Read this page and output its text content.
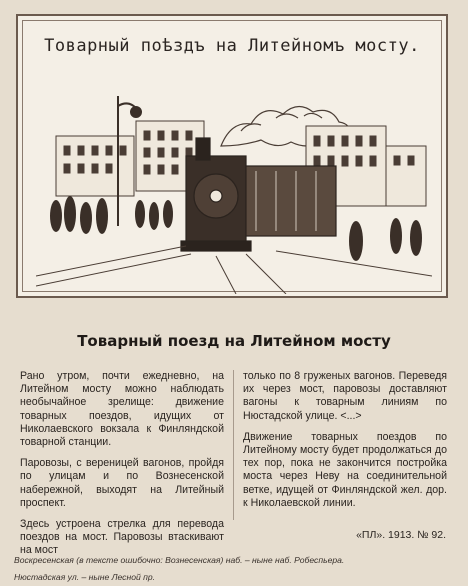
Товарный поѣздъ на Литейномъ мосту.
Товарный поезд на Литейном мосту

Рано утром, почти ежедневно, на Литейном мосту можно наблюдать необычайное зрелище: движение товарных поездов, идущих от Николаевского вокзала к Финляндской товарной станции.

Паровозы, с вереницей вагонов, пройдя по улицам и по Вознесенской набережной, выходят на Литейный проспект.

Здесь устроена стрелка для перевода поездов на мост. Паровозы втаскивают на мост

только по 8 груженых вагонов. Переведя их через мост, паровозы доставляют вагоны к товарным линиям по Нюстадской улице. <...>

Движение товарных поездов по Литейному мосту будет продолжаться до тех пор, пока не закончится постройка моста через Неву на соединительной ветке, идущей от Финляндской жел. дор. к Николаевской линии.

«ПЛ». 1913. № 92.
Воскресенская (в тексте ошибочно: Вознесенская) наб. – ныне наб. Робеспьера.
Нюстадская ул. – ныне Лесной пр.
